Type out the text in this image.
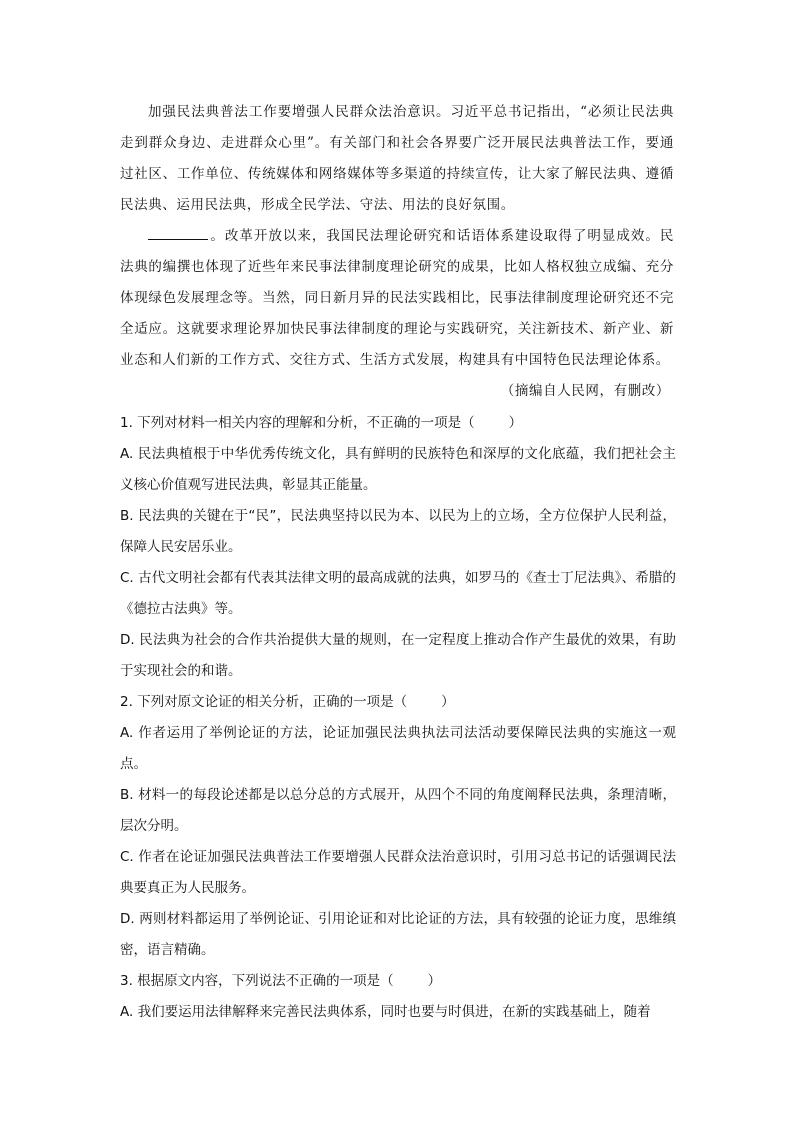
加强民法典普法工作要增强人民群众法治意识。习近平总书记指出，“必须让民法典走到群众身边、走进群众心里”。有关部门和社会各界要广泛开展民法典普法工作，要通过社区、工作单位、传统媒体和网络媒体等多渠道的持续宣传，让大家了解民法典、遵循民法典、运用民法典，形成全民学法、守法、用法的良好氛围。

。改革开放以来，我国民法理论研究和话语体系建设取得了明显成效。民法典的编撰也体现了近些年来民事法律制度理论研究的成果，比如人格权独立成编、充分体现绿色发展理念等。当然，同日新月异的民法实践相比，民事法律制度理论研究还不完全适应。这就要求理论界加快民事法律制度的理论与实践研究，关注新技术、新产业、新业态和人们新的工作方式、交往方式、生活方式发展，构建具有中国特色民法理论体系。

（摘编自人民网，有删改）

1. 下列对材料一相关内容的理解和分析，不正确的一项是（	）

A. 民法典植根于中华优秀传统文化，具有鲜明的民族特色和深厚的文化底蕴，我们把社会主义核心价值观写进民法典，彰显其正能量。

B. 民法典的关键在于“民”，民法典坚持以民为本、以民为上的立场，全方位保护人民利益，保障人民安居乐业。

C. 古代文明社会都有代表其法律文明的最高成就的法典，如罗马的《查士丁尼法典》、希腊的《德拉古法典》等。

D. 民法典为社会的合作共治提供大量的规则，在一定程度上推动合作产生最优的效果，有助于实现社会的和谐。

2. 下列对原文论证的相关分析，正确的一项是（	）

A. 作者运用了举例论证的方法，论证加强民法典执法司法活动要保障民法典的实施这一观点。

B. 材料一的每段论述都是以总分总的方式展开，从四个不同的角度阐释民法典，条理清晰，层次分明。

C. 作者在论证加强民法典普法工作要增强人民群众法治意识时，引用习总书记的话强调民法典要真正为人民服务。

D. 两则材料都运用了举例论证、引用论证和对比论证的方法，具有较强的论证力度，思维缜密，语言精确。

3. 根据原文内容，下列说法不正确的一项是（	）

A. 我们要运用法律解释来完善民法典体系，同时也要与时俱进，在新的实践基础上，随着
